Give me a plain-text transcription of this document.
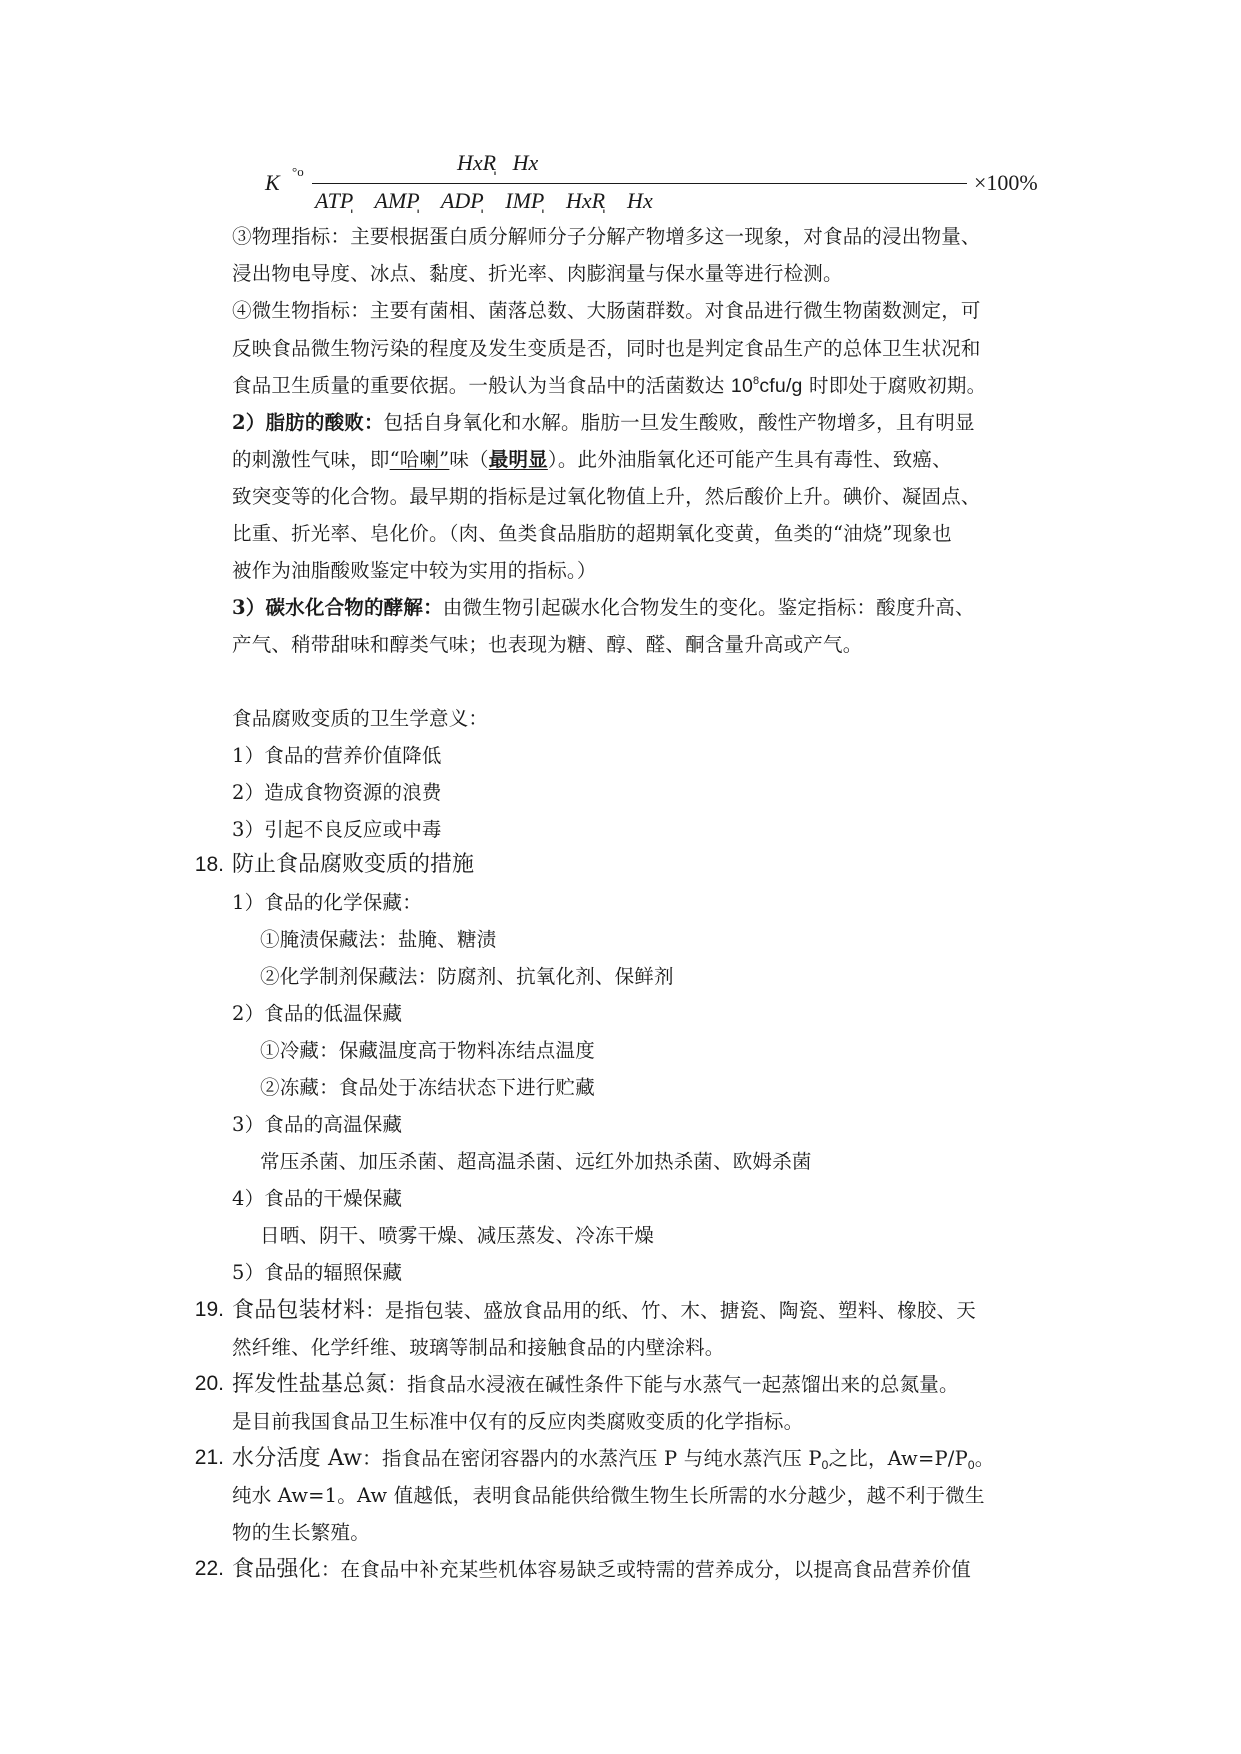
K °o	HxR̩   Hx
ATP̩    AMP̩    ADP̩    IMP̩    HxR̩    Hx
×100%
③物理指标：主要根据蛋白质分解师分子分解产物增多这一现象，对食品的浸出物量、
浸出物电导度、冰点、黏度、折光率、肉膨润量与保水量等进行检测。
④微生物指标：主要有菌相、菌落总数、大肠菌群数。对食品进行微生物菌数测定，可
反映食品微生物污染的程度及发生变质是否，同时也是判定食品生产的总体卫生状况和
食品卫生质量的重要依据。一般认为当食品中的活菌数达 $10^8cfu/g$ 时即处于腐败初期。
2）脂肪的酸败：包括自身氧化和水解。脂肪一旦发生酸败，酸性产物增多，且有明显
的刺激性气味，即“哈喇”味（最明显）。此外油脂氧化还可能产生具有毒性、致癌、
致突变等的化合物。最早期的指标是过氧化物值上升，然后酸价上升。碘价、凝固点、
比重、折光率、皂化价。（肉、鱼类食品脂肪的超期氧化变黄，鱼类的“油烧”现象也
被作为油脂酸败鉴定中较为实用的指标。）
3）碳水化合物的酵解：由微生物引起碳水化合物发生的变化。鉴定指标：酸度升高、
产气、稍带甜味和醇类气味；也表现为糖、醇、醛、酮含量升高或产气。
食品腐败变质的卫生学意义：
1）食品的营养价值降低
2）造成食物资源的浪费
3）引起不良反应或中毒
18. 防止食品腐败变质的措施
1）食品的化学保藏：
①腌渍保藏法：盐腌、糖渍
②化学制剂保藏法：防腐剂、抗氧化剂、保鲜剂
2）食品的低温保藏
①冷藏：保藏温度高于物料冻结点温度
②冻藏：食品处于冻结状态下进行贮藏
3）食品的高温保藏
常压杀菌、加压杀菌、超高温杀菌、远红外加热杀菌、欧姆杀菌
4）食品的干燥保藏
日晒、阴干、喷雾干燥、减压蒸发、冷冻干燥
5）食品的辐照保藏
19. 食品包装材料：是指包装、盛放食品用的纸、竹、木、搪瓷、陶瓷、塑料、橡胶、天
然纤维、化学纤维、玻璃等制品和接触食品的内壁涂料。
20. 挥发性盐基总氮：指食品水浸液在碱性条件下能与水蒸气一起蒸馏出来的总氮量。
是目前我国食品卫生标准中仅有的反应肉类腐败变质的化学指标。
21. 水分活度 Aw：指食品在密闭容器内的水蒸汽压 P 与纯水蒸汽压 $P_0$之比，$Aw=P/P_0$。
纯水 Aw=1。Aw 值越低，表明食品能供给微生物生长所需的水分越少，越不利于微生
物的生长繁殖。
22. 食品强化：在食品中补充某些机体容易缺乏或特需的营养成分，以提高食品营养价值
